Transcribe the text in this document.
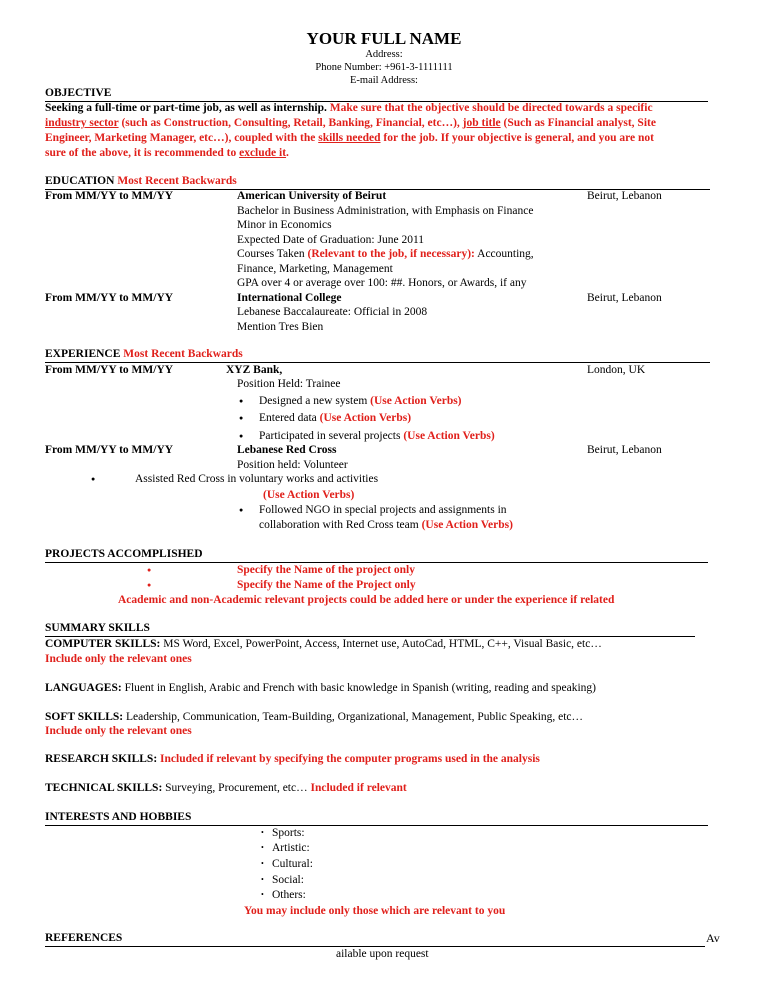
YOUR FULL NAME
Address:
Phone Number: +961-3-1111111
E-mail Address:
OBJECTIVE
Seeking a full-time or part-time job, as well as internship. Make sure that the objective should be directed towards a specific
industry sector (such as Construction, Consulting, Retail, Banking, Financial, etc…), job title (Such as Financial analyst, Site
Engineer, Marketing Manager, etc…), coupled with the skills needed for the job. If your objective is general, and you are not
sure of the above, it is recommended to exclude it.
EDUCATION Most Recent Backwards
From MM/YY to MM/YY	American University of Beirut	Beirut, Lebanon
Bachelor in Business Administration, with Emphasis on Finance
Minor in Economics
Expected Date of Graduation: June 2011
Courses Taken (Relevant to the job, if necessary): Accounting,
Finance, Marketing, Management
GPA over 4 or average over 100: ##. Honors, or Awards, if any
From MM/YY to MM/YY	International College	Beirut, Lebanon
Lebanese Baccalaureate: Official in 2008
Mention Tres Bien
EXPERIENCE Most Recent Backwards
From MM/YY to MM/YY	XYZ Bank,	London, UK
Position Held: Trainee
● Designed a new system (Use Action Verbs)
● Entered data (Use Action Verbs)
● Participated in several projects (Use Action Verbs)
From MM/YY to MM/YY	Lebanese Red Cross	Beirut, Lebanon
Position held: Volunteer
●	Assisted Red Cross in voluntary works and activities
(Use Action Verbs)
● Followed NGO in special projects and assignments in
collaboration with Red Cross team (Use Action Verbs)
PROJECTS ACCOMPLISHED
●	Specify the Name of the project only
●	Specify the Name of the Project only
Academic and non-Academic relevant projects could be added here or under the experience if related
SUMMARY SKILLS
COMPUTER SKILLS: MS Word, Excel, PowerPoint, Access, Internet use, AutoCad, HTML, C++, Visual Basic, etc…
Include only the relevant ones
LANGUAGES: Fluent in English, Arabic and French with basic knowledge in Spanish (writing, reading and speaking)
SOFT SKILLS: Leadership, Communication, Team-Building, Organizational, Management, Public Speaking, etc…
Include only the relevant ones
RESEARCH SKILLS: Included if relevant by specifying the computer programs used in the analysis
TECHNICAL SKILLS: Surveying, Procurement, etc… Included if relevant
INTERESTS AND HOBBIES
• Sports:
• Artistic:
• Cultural:
• Social:
• Others:
You may include only those which are relevant to you
REFERENCES	Av
ailable upon request
